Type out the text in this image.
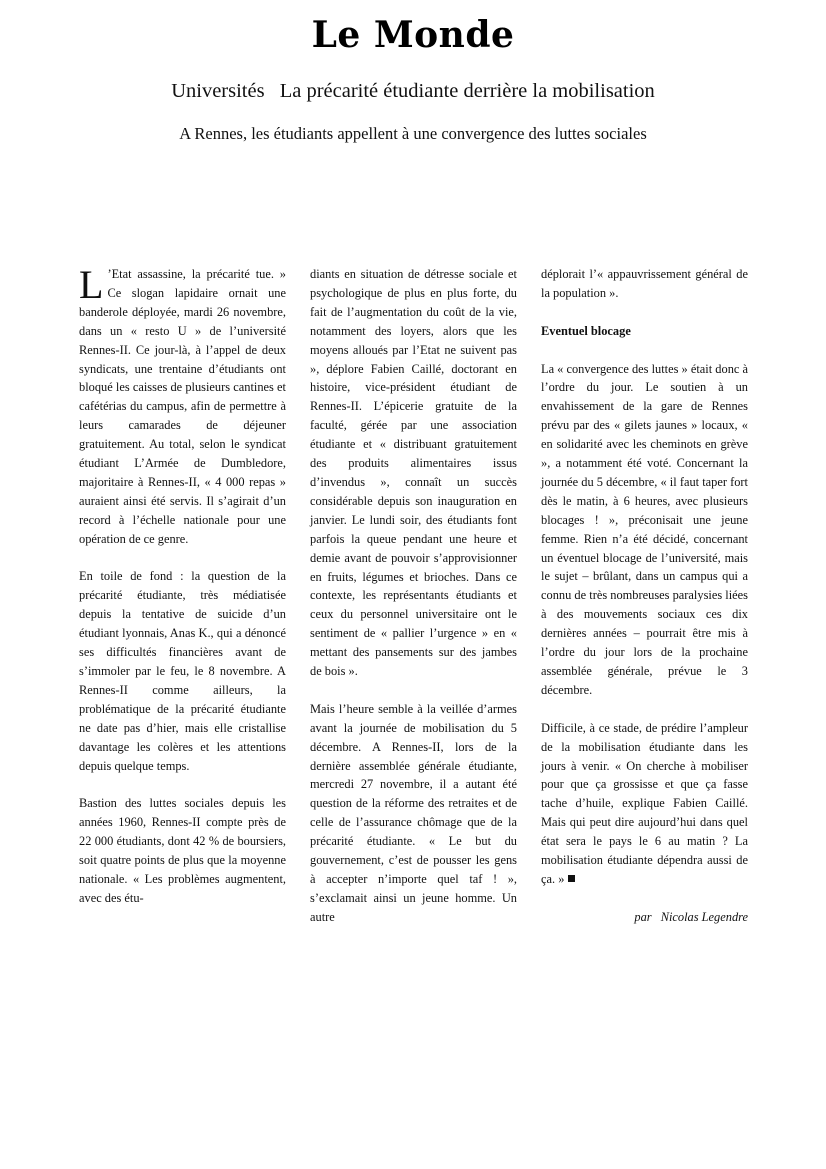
Le Monde
Universités La précarité étudiante derrière la mobilisation
A Rennes, les étudiants appellent à une convergence des luttes sociales

L ’Etat assassine, la précarité tue. » Ce slogan lapidaire ornait une banderole déployée, mardi 26 novembre, dans un « resto U » de l’université Rennes-II. Ce jour-là, à l’appel de deux syndicats, une trentaine d’étudiants ont bloqué les caisses de plusieurs cantines et cafétérias du campus, afin de permettre à leurs camarades de déjeuner gratuitement. Au total, selon le syndicat étudiant L’Armée de Dumbledore, majoritaire à Rennes-II, « 4 000 repas » auraient ainsi été servis. Il s’agirait d’un record à l’échelle nationale pour une opération de ce genre.

En toile de fond : la question de la précarité étudiante, très médiatisée depuis la tentative de suicide d’un étudiant lyonnais, Anas K., qui a dénoncé ses difficultés financières avant de s’immoler par le feu, le 8 novembre. A Rennes-II comme ailleurs, la problématique de la précarité étudiante ne date pas d’hier, mais elle cristallise davantage les colères et les attentions depuis quelque temps.

Bastion des luttes sociales depuis les années 1960, Rennes-II compte près de 22 000 étudiants, dont 42 % de boursiers, soit quatre points de plus que la moyenne nationale. « Les problèmes augmentent, avec des étu-

diants en situation de détresse sociale et psychologique de plus en plus forte, du fait de l’augmentation du coût de la vie, notamment des loyers, alors que les moyens alloués par l’Etat ne suivent pas », déplore Fabien Caillé, doctorant en histoire, vice-président étudiant de Rennes-II. L’épicerie gratuite de la faculté, gérée par une association étudiante et « distribuant gratuitement des produits alimentaires issus d’invendus », connaît un succès considérable depuis son inauguration en janvier. Le lundi soir, des étudiants font parfois la queue pendant une heure et demie avant de pouvoir s’approvisionner en fruits, légumes et brioches. Dans ce contexte, les représentants étudiants et ceux du personnel universitaire ont le sentiment de « pallier l’urgence » en « mettant des pansements sur des jambes de bois ».

Mais l’heure semble à la veillée d’armes avant la journée de mobilisation du 5 décembre. A Rennes-II, lors de la dernière assemblée générale étudiante, mercredi 27 novembre, il a autant été question de la réforme des retraites et de celle de l’assurance chômage que de la précarité étudiante. « Le but du gouvernement, c’est de pousser les gens à accepter n’importe quel taf ! », s’exclamait ainsi un jeune homme. Un autre

déplorait l’« appauvrissement général de la population ».

Eventuel blocage

La « convergence des luttes » était donc à l’ordre du jour. Le soutien à un envahissement de la gare de Rennes prévu par des « gilets jaunes » locaux, « en solidarité avec les cheminots en grève », a notamment été voté. Concernant la journée du 5 décembre, « il faut taper fort dès le matin, à 6 heures, avec plusieurs blocages ! », préconisait une jeune femme. Rien n’a été décidé, concernant un éventuel blocage de l’université, mais le sujet – brûlant, dans un campus qui a connu de très nombreuses paralysies liées à des mouvements sociaux ces dix dernières années – pourrait être mis à l’ordre du jour lors de la prochaine assemblée générale, prévue le 3 décembre.

Difficile, à ce stade, de prédire l’ampleur de la mobilisation étudiante dans les jours à venir. « On cherche à mobiliser pour que ça grossisse et que ça fasse tache d’huile, explique Fabien Caillé. Mais qui peut dire aujourd’hui dans quel état sera le pays le 6 au matin ? La mobilisation étudiante dépendra aussi de ça. »

par Nicolas Legendre
